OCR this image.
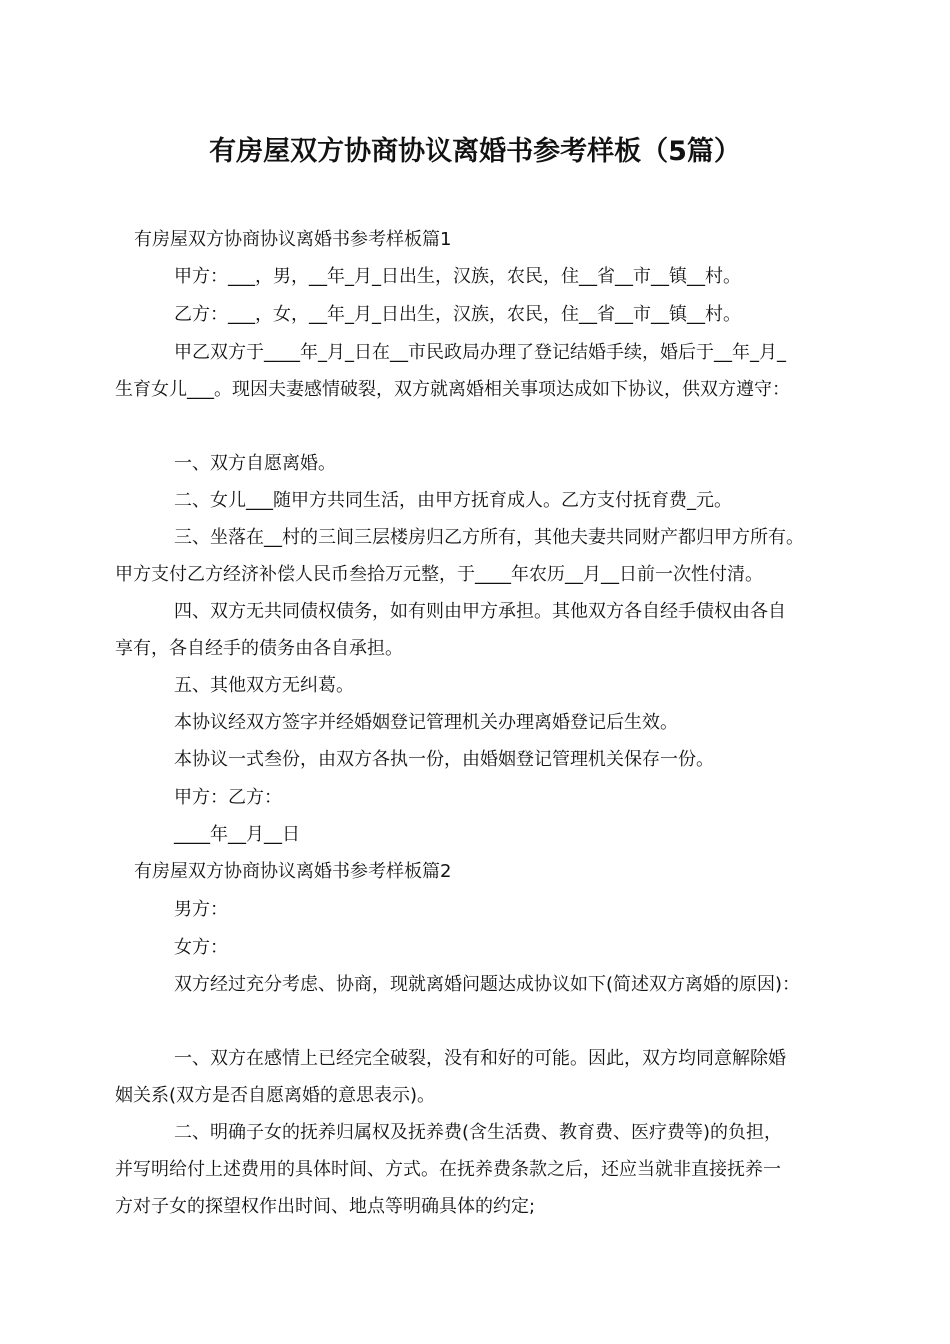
有房屋双方协商协议离婚书参考样板（5篇）
有房屋双方协商协议离婚书参考样板篇1
甲方：___，男，__年_月_日出生，汉族，农民，住__省__市__镇__村。
乙方：___，女，__年_月_日出生，汉族，农民，住__省__市__镇__村。
甲乙双方于____年_月_日在__市民政局办理了登记结婚手续，婚后于__年_月_
生育女儿___。现因夫妻感情破裂，双方就离婚相关事项达成如下协议，供双方遵守：
一、双方自愿离婚。
二、女儿___随甲方共同生活，由甲方抚育成人。乙方支付抚育费_元。
三、坐落在__村的三间三层楼房归乙方所有，其他夫妻共同财产都归甲方所有。
甲方支付乙方经济补偿人民币叁拾万元整，于____年农历__月__日前一次性付清。
四、双方无共同债权债务，如有则由甲方承担。其他双方各自经手债权由各自
享有，各自经手的债务由各自承担。
五、其他双方无纠葛。
本协议经双方签字并经婚姻登记管理机关办理离婚登记后生效。
本协议一式叁份，由双方各执一份，由婚姻登记管理机关保存一份。
甲方：乙方：
____年__月__日
有房屋双方协商协议离婚书参考样板篇2
男方：
女方：
双方经过充分考虑、协商，现就离婚问题达成协议如下(简述双方离婚的原因)：
一、双方在感情上已经完全破裂，没有和好的可能。因此，双方均同意解除婚
姻关系(双方是否自愿离婚的意思表示)。
二、明确子女的抚养归属权及抚养费(含生活费、教育费、医疗费等)的负担，
并写明给付上述费用的具体时间、方式。在抚养费条款之后，还应当就非直接抚养一
方对子女的探望权作出时间、地点等明确具体的约定;
